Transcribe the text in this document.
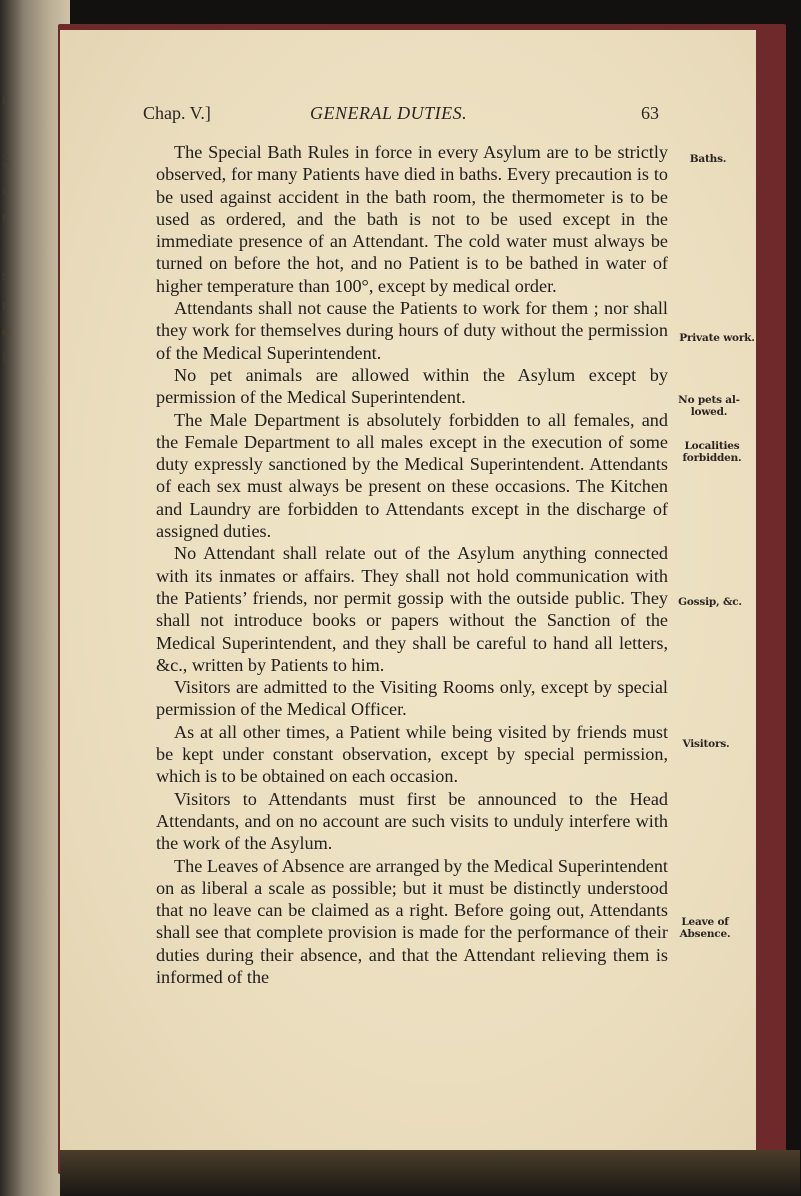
r
ʒ
ε
t
·
s
t
e
l
Chap. V.]	GENERAL DUTIES.	63

The Special Bath Rules in force in every Asylum are to be strictly observed, for many Patients have died in baths. Every precaution is to be used against accident in the bath room, the thermometer is to be used as ordered, and the bath is not to be used except in the immediate presence of an Attendant. The cold water must always be turned on before the hot, and no Patient is to be bathed in water of higher temperature than 100°, except by medical order.

Attendants shall not cause the Patients to work for them ; nor shall they work for themselves during hours of duty without the permission of the Medical Superintendent.

No pet animals are allowed within the Asylum except by permission of the Medical Superintendent.

The Male Department is absolutely forbidden to all females, and the Female Department to all males except in the execution of some duty expressly sanctioned by the Medical Superintendent. Attendants of each sex must always be present on these occasions. The Kitchen and Laundry are forbidden to Attendants except in the discharge of assigned duties.

No Attendant shall relate out of the Asylum anything connected with its inmates or affairs. They shall not hold communication with the Patients’ friends, nor permit gossip with the outside public. They shall not introduce books or papers without the Sanction of the Medical Superintendent, and they shall be careful to hand all letters, &c., written by Patients to him.

Visitors are admitted to the Visiting Rooms only, except by special permission of the Medical Officer.

As at all other times, a Patient while being visited by friends must be kept under constant observation, except by special permission, which is to be obtained on each occasion.

Visitors to Attendants must first be announced to the Head Attendants, and on no account are such visits to unduly interfere with the work of the Asylum.

The Leaves of Absence are arranged by the Medical Superintendent on as liberal a scale as possible; but it must be distinctly understood that no leave can be claimed as a right. Before going out, Attendants shall see that complete provision is made for the performance of their duties during their absence, and that the Attendant relieving them is informed of the

Baths.
Private work.
No pets al- lowed.
Localities forbidden.
Gossip, &c.
Visitors.
Leave of Absence.
